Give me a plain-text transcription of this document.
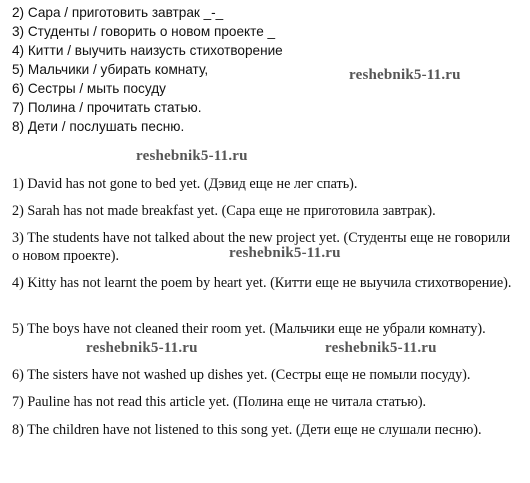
2) Сара / приготовить завтрак _-_
3) Студенты / говорить о новом проекте _
4) Китти / выучить наизусть стихотворение
5) Мальчики / убирать комнату,
6) Сестры / мыть посуду
7) Полина / прочитать статью.
8) Дети / послушать песню.
1) David has not gone to bed yet. (Дэвид еще не лег спать).
2) Sarah has not made breakfast yet. (Сара еще не приготовила завтрак).
3) The students have not talked about the new project yet. (Студенты еще не говорили о новом проекте).
4) Kitty has not learnt the poem by heart yet. (Китти еще не выучила стихотворение).
5) The boys have not cleaned their room yet. (Мальчики еще не убрали комнату).
6) The sisters have not washed up dishes yet. (Сестры еще не помыли посуду).
7) Pauline has not read this article yet. (Полина еще не читала статью).
8) The children have not listened to this song yet. (Дети еще не слушали песню).
reshebnik5-11.ru
reshebnik5-11.ru
reshebnik5-11.ru
reshebnik5-11.ru	reshebnik5-11.ru
